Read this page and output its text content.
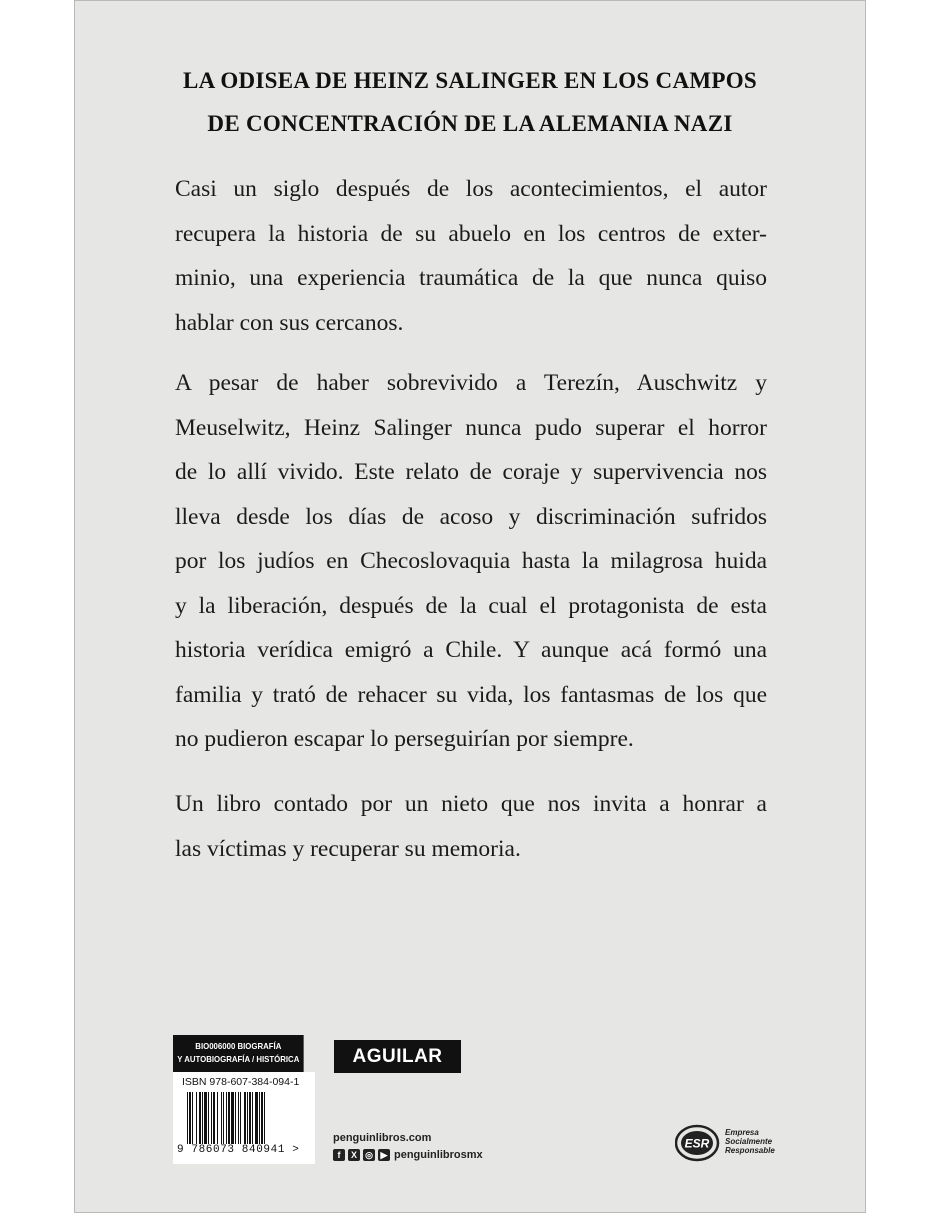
LA ODISEA DE HEINZ SALINGER EN LOS CAMPOS
DE CONCENTRACIÓN DE LA ALEMANIA NAZI
Casi un siglo después de los acontecimientos, el autor
recupera la historia de su abuelo en los centros de exter-
minio, una experiencia traumática de la que nunca quiso
hablar con sus cercanos.
A pesar de haber sobrevivido a Terezín, Auschwitz y
Meuselwitz, Heinz Salinger nunca pudo superar el horror
de lo allí vivido. Este relato de coraje y supervivencia nos
lleva desde los días de acoso y discriminación sufridos
por los judíos en Checoslovaquia hasta la milagrosa huida
y la liberación, después de la cual el protagonista de esta
historia verídica emigró a Chile. Y aunque acá formó una
familia y trató de rehacer su vida, los fantasmas de los que
no pudieron escapar lo perseguirían por siempre.
Un libro contado por un nieto que nos invita a honrar a
las víctimas y recuperar su memoria.
BIO006000 BIOGRAFÍA
Y AUTOBIOGRAFÍA / HISTÓRICA
ISBN 978-607-384-094-1
9 786073 840941 >
AGUILAR
penguinlibros.com
f	X ◎ ▶ penguinlibrosmx
ESR
Empresa
Socialmente
Responsable
